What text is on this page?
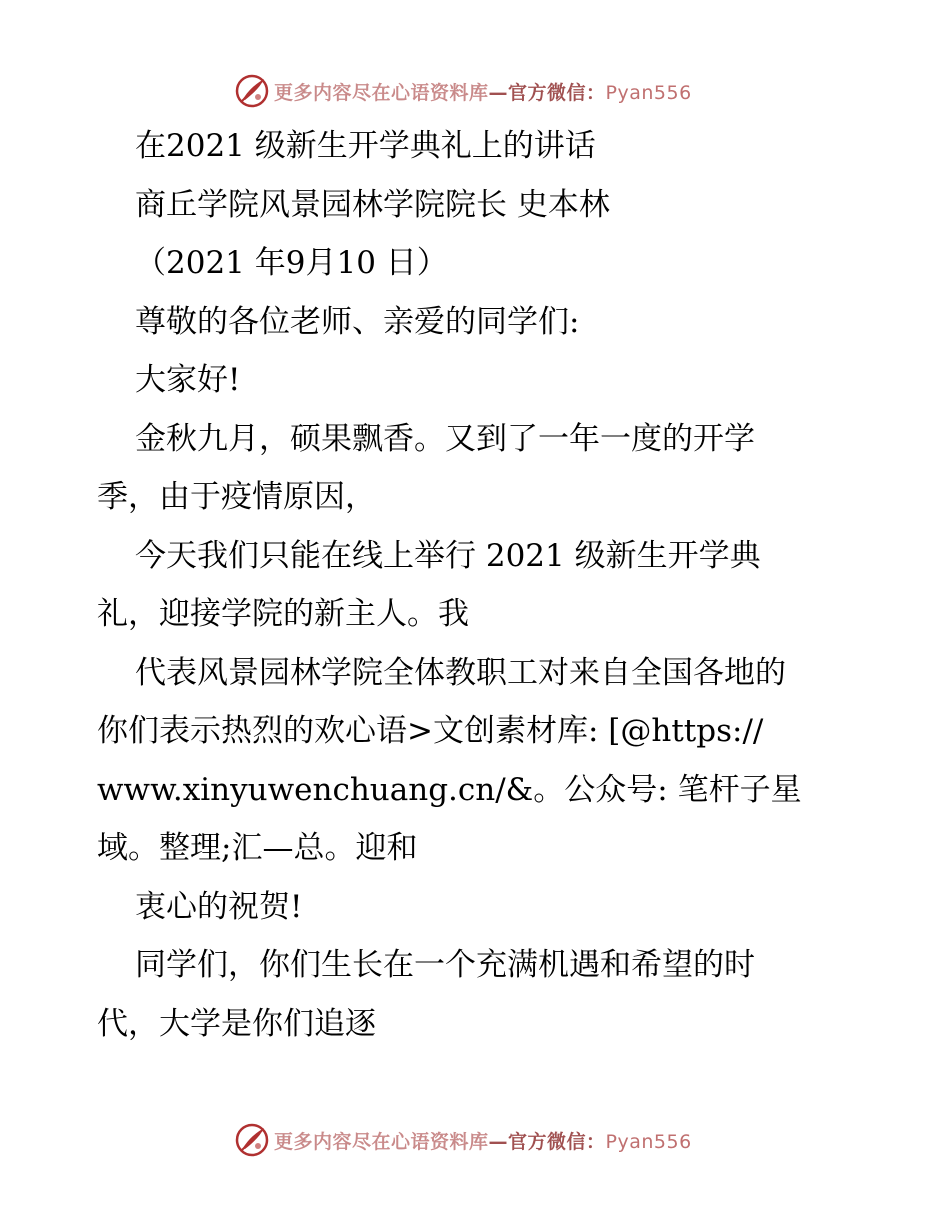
更多内容尽在心语资料库—官方微信：Pyan556
在2021 级新生开学典礼上的讲话
商丘学院风景园林学院院长 史本林
（2021 年9月10 日）
尊敬的各位老师、亲爱的同学们:
大家好!
金秋九月，硕果飘香。又到了一年一度的开学
季，由于疫情原因，
今天我们只能在线上举行 2021 级新生开学典
礼，迎接学院的新主人。我
代表风景园林学院全体教职工对来自全国各地的
你们表示热烈的欢心语>文创素材库: [@https://
www.xinyuwenchuang.cn/&。公众号: 笔杆子星
域。整理;汇—总。迎和
衷心的祝贺!
同学们，你们生长在一个充满机遇和希望的时
代，大学是你们追逐
更多内容尽在心语资料库—官方微信：Pyan556
